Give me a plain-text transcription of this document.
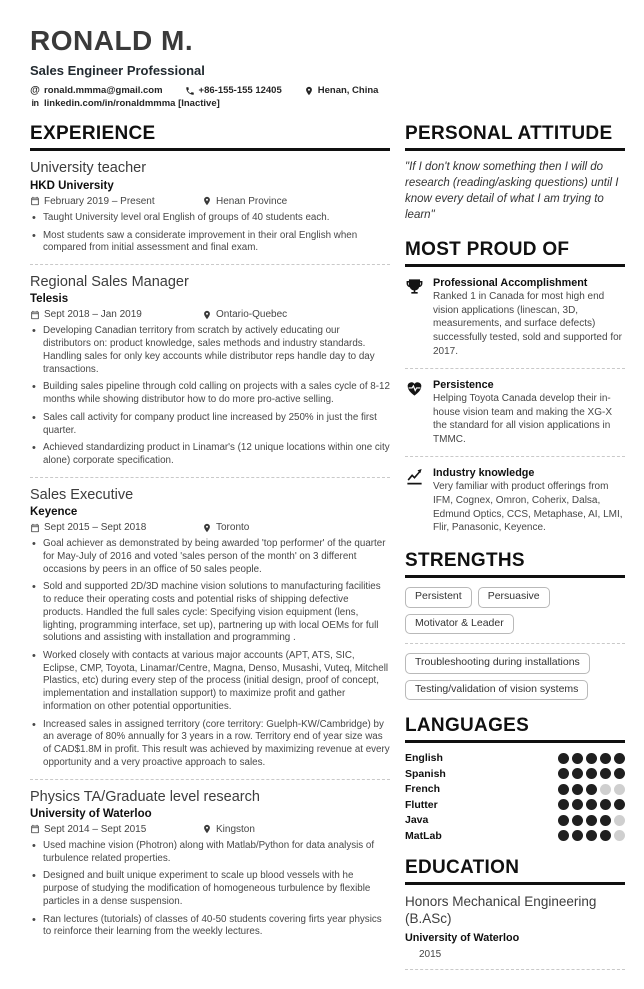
RONALD M.
Sales Engineer Professional
@ ronald.mmma@gmail.com	+86-155-155 12405	Henan, China
in linkedin.com/in/ronaldmmma [Inactive]
EXPERIENCE
University teacher
HKD University
February 2019 – Present	Henan Province
• Taught University level oral English of groups of 40 students each.
• Most students saw a considerate improvement in their oral English when compared from initial assessment and final exam.
Regional Sales Manager
Telesis
Sept 2018 – Jan 2019	Ontario-Quebec
• Developing Canadian territory from scratch by actively educating our distributors on: product knowledge, sales methods and industry standards. Handling sales for only key accounts while distributor reps handle day to day transactions.
• Building sales pipeline through cold calling on projects with a sales cycle of 8-12 months while showing distributor how to do more pro-active selling.
• Sales call activity for company product line increased by 250% in just the first quarter.
• Achieved standardizing product in Linamar's (12 unique locations within one city alone) corporate specification.
Sales Executive
Keyence
Sept 2015 – Sept 2018	Toronto
• Goal achiever as demonstrated by being awarded 'top performer' of the quarter for May-July of 2016 and voted 'sales person of the month' on 3 different occasions by peers in an office of 50 sales people.
• Sold and supported 2D/3D machine vision solutions to manufacturing facilities to reduce their operating costs and potential risks of shipping defective products. Handled the full sales cycle: Specifying vision equipment (lens, lighting, programming interface, set up), partnering up with local OEMs for full solutions and assisting with installation and programming .
• Worked closely with contacts at various major accounts (APT, ATS, SIC, Eclipse, CMP, Toyota, Linamar/Centre, Magna, Denso, Musashi, Vuteq, Mitchell Plastics, etc) during every step of the process (initial design, proof of concept, implementation and installation support) to maximize profit and gather information on other potential opportunities.
• Increased sales in assigned territory (core territory: Guelph-KW/Cambridge) by an average of 80% annually for 3 years in a row. Territory end of year size was of CAD$1.8M in profit. This result was achieved by maximizing revenue at every opportunity and a very proactive approach to sales.
Physics TA/Graduate level research
University of Waterloo
Sept 2014 – Sept 2015	Kingston
• Used machine vision (Photron) along with Matlab/Python for data analysis of turbulence related properties.
• Designed and built unique experiment to scale up blood vessels with he purpose of studying the modification of homogeneous turbulence by flexible particles in a dense suspension.
• Ran lectures (tutorials) of classes of 40-50 students covering firts year physics to reinforce their learning from the weekly lectures.
PERSONAL ATTITUDE

"If I don't know something then I will do research (reading/asking questions) until I know every detail of what I am trying to learn"

MOST PROUD OF
Professional Accomplishment
Ranked 1 in Canada for most high end vision applications (linescan, 3D, measurements, and surface defects) successfully tested, sold and supported for 2017.
Persistence
Helping Toyota Canada develop their in-house vision team and making the XG-X the standard for all vision applications in TMMC.
Industry knowledge
Very familiar with product offerings from IFM, Cognex, Omron, Coherix, Dalsa, Edmund Optics, CCS, Metaphase, AI, LMI, Flir, Panasonic, Keyence.
STRENGTHS
Persistent	Persuasive
Motivator & Leader
Troubleshooting during installations
Testing/validation of vision systems
LANGUAGES
English
Spanish
French
Flutter
Java
MatLab
EDUCATION
Honors Mechanical Engineering (B.ASc)
University of Waterloo
2015
